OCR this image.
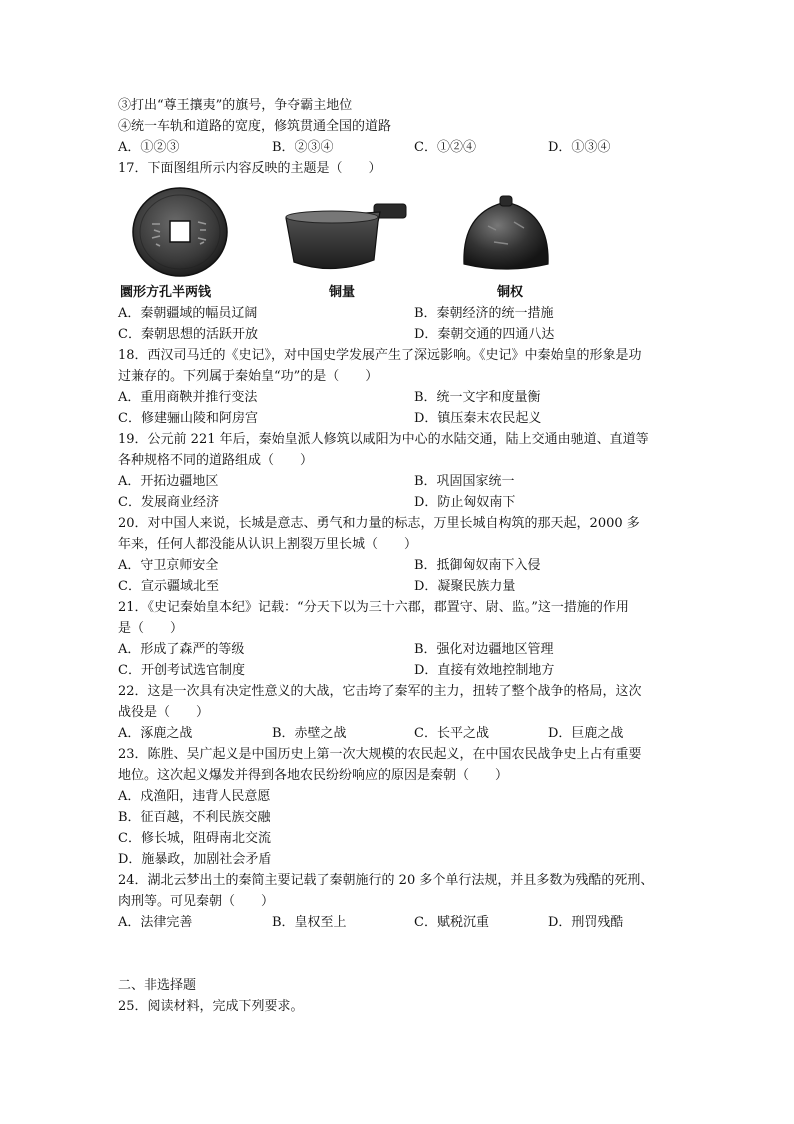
③打出“尊王攘夷”的旗号，争夺霸主地位
④统一车轨和道路的宽度，修筑贯通全国的道路
A．①②③	B．②③④	C．①②④	D．①③④
17．下面图组所示内容反映的主题是（　　）
圜形方孔半两钱	铜量	铜权
A．秦朝疆域的幅员辽阔	B．秦朝经济的统一措施
C．秦朝思想的活跃开放	D．秦朝交通的四通八达
18．西汉司马迁的《史记》，对中国史学发展产生了深远影响。《史记》中秦始皇的形象是功
过兼存的。下列属于秦始皇“功”的是（　　）
A．重用商鞅并推行变法	B．统一文字和度量衡
C．修建骊山陵和阿房宫	D．镇压秦末农民起义
19．公元前 221 年后，秦始皇派人修筑以咸阳为中心的水陆交通，陆上交通由驰道、直道等
各种规格不同的道路组成（　　）
A．开拓边疆地区	B．巩固国家统一
C．发展商业经济	D．防止匈奴南下
20．对中国人来说，长城是意志、勇气和力量的标志，万里长城自构筑的那天起，2000 多
年来，任何人都没能从认识上割裂万里长城（　　）
A．守卫京师安全	B．抵御匈奴南下入侵
C．宣示疆域北至	D．凝聚民族力量
21．《史记秦始皇本纪》记载：“分天下以为三十六郡，郡置守、尉、监。”这一措施的作用
是（　　）
A．形成了森严的等级	B．强化对边疆地区管理
C．开创考试选官制度	D．直接有效地控制地方
22．这是一次具有决定性意义的大战，它击垮了秦军的主力，扭转了整个战争的格局，这次
战役是（　　）
A．涿鹿之战	B．赤壁之战	C．长平之战	D．巨鹿之战
23．陈胜、吴广起义是中国历史上第一次大规模的农民起义，在中国农民战争史上占有重要
地位。这次起义爆发并得到各地农民纷纷响应的原因是秦朝（　　）
A．戍渔阳，违背人民意愿
B．征百越，不利民族交融
C．修长城，阻碍南北交流
D．施暴政，加剧社会矛盾
24．湖北云梦出土的秦简主要记载了秦朝施行的 20 多个单行法规，并且多数为残酷的死刑、
肉刑等。可见秦朝（　　）
A．法律完善	B．皇权至上	C．赋税沉重	D．刑罚残酷
二、非选择题
25．阅读材料，完成下列要求。
